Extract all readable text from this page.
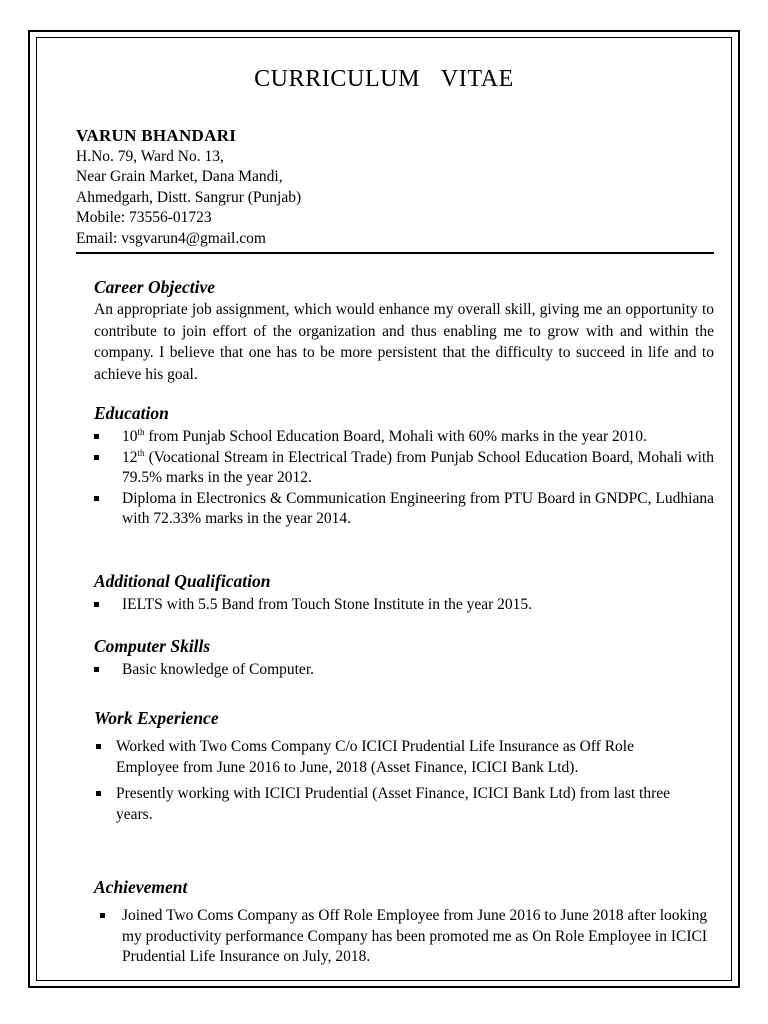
CURRICULUM  VITAE
VARUN BHANDARI
H.No. 79, Ward No. 13,
Near Grain Market, Dana Mandi,
Ahmedgarh, Distt. Sangrur (Punjab)
Mobile: 73556-01723
Email: vsgvarun4@gmail.com
Career Objective

An appropriate job assignment, which would enhance my overall skill, giving me an opportunity to contribute to join effort of the organization and thus enabling me to grow with and within the company. I believe that one has to be more persistent that the difficulty to succeed in life and to achieve his goal.

Education
10th from Punjab School Education Board, Mohali with 60% marks in the year 2010.
12th (Vocational Stream in Electrical Trade) from Punjab School Education Board, Mohali with 79.5% marks in the year 2012.
Diploma in Electronics & Communication Engineering from PTU Board in GNDPC, Ludhiana with 72.33% marks in the year 2014.
Additional Qualification
IELTS with 5.5 Band from Touch Stone Institute in the year 2015.
Computer Skills
Basic knowledge of Computer.
Work Experience
Worked with Two Coms Company C/o ICICI Prudential Life Insurance as Off Role Employee from June 2016 to June, 2018 (Asset Finance, ICICI Bank Ltd).
Presently working with ICICI Prudential (Asset Finance, ICICI Bank Ltd) from last three years.
Achievement
Joined Two Coms Company as Off Role Employee from June 2016 to June 2018 after looking my productivity performance Company has been promoted me as On Role Employee in ICICI Prudential Life Insurance on July, 2018.
